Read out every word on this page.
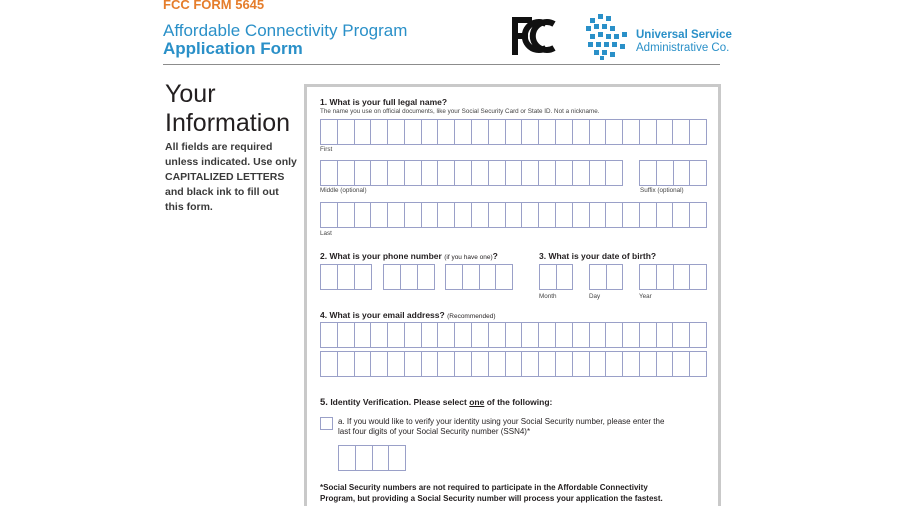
FCC FORM 5645
Affordable Connectivity Program
Application Form
Universal Service
Administrative Co.
Your
Information
All fields are required unless indicated. Use only CAPITALIZED LETTERS and black ink to fill out this form.
1. What is your full legal name?
The name you use on official documents, like your Social Security Card or State ID. Not a nickname.
First
Middle (optional)	Suffix (optional)
Last
2. What is your phone number (if you have one)?	3. What is your date of birth?
Month	Day	Year
4. What is your email address? (Recommended)
5. Identity Verification. Please select one of the following:
a. If you would like to verify your identity using your Social Security number, please enter the
last four digits of your Social Security number (SSN4)*
*Social Security numbers are not required to participate in the Affordable Connectivity
Program, but providing a Social Security number will process your application the fastest.
